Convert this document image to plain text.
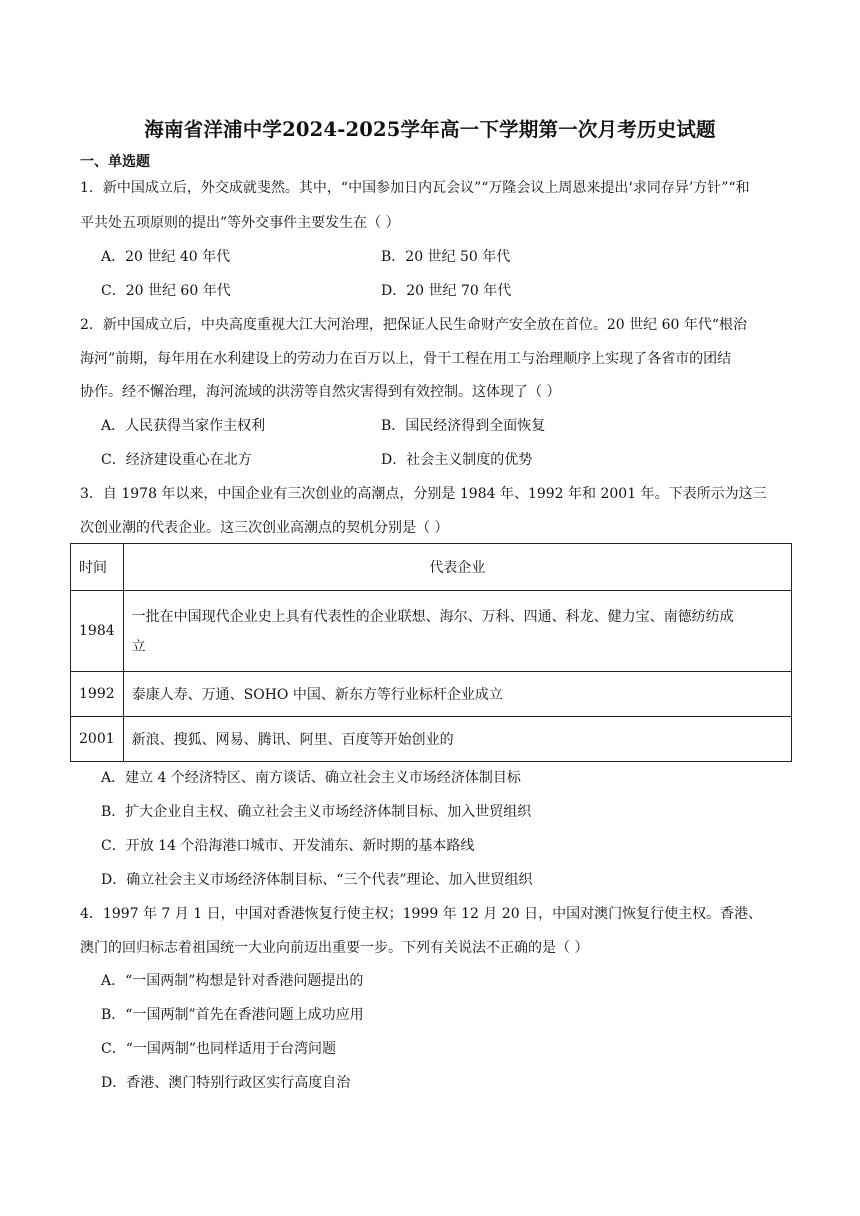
海南省洋浦中学2024-2025学年高一下学期第一次月考历史试题
一、单选题
1．新中国成立后，外交成就斐然。其中，“中国参加日内瓦会议”“万隆会议上周恩来提出‘求同存异’方针”“和
平共处五项原则的提出”等外交事件主要发生在（ ）
A．20 世纪 40 年代	B．20 世纪 50 年代
C．20 世纪 60 年代	D．20 世纪 70 年代
2．新中国成立后，中央高度重视大江大河治理，把保证人民生命财产安全放在首位。20 世纪 60 年代“根治
海河”前期，每年用在水利建设上的劳动力在百万以上，骨干工程在用工与治理顺序上实现了各省市的团结
协作。经不懈治理，海河流域的洪涝等自然灾害得到有效控制。这体现了（ ）
A．人民获得当家作主权利	B．国民经济得到全面恢复
C．经济建设重心在北方	D．社会主义制度的优势
3．自 1978 年以来，中国企业有三次创业的高潮点，分别是 1984 年、1992 年和 2001 年。下表所示为这三
次创业潮的代表企业。这三次创业高潮点的契机分别是（ ）
时间	代表企业
1984	一批在中国现代企业史上具有代表性的企业联想、海尔、万科、四通、科龙、健力宝、南德纺纺成
立

1992	泰康人寿、万通、SOHO 中国、新东方等行业标杆企业成立
2001	新浪、搜狐、网易、腾讯、阿里、百度等开始创业的
A．建立 4 个经济特区、南方谈话、确立社会主义市场经济体制目标
B．扩大企业自主权、确立社会主义市场经济体制目标、加入世贸组织
C．开放 14 个沿海港口城市、开发浦东、新时期的基本路线
D．确立社会主义市场经济体制目标、“三个代表”理论、加入世贸组织
4．1997 年 7 月 1 日，中国对香港恢复行使主权；1999 年 12 月 20 日，中国对澳门恢复行使主权。香港、
澳门的回归标志着祖国统一大业向前迈出重要一步。下列有关说法不正确的是（ ）
A．“一国两制”构想是针对香港问题提出的
B．“一国两制”首先在香港问题上成功应用
C．“一国两制”也同样适用于台湾问题
D．香港、澳门特别行政区实行高度自治
